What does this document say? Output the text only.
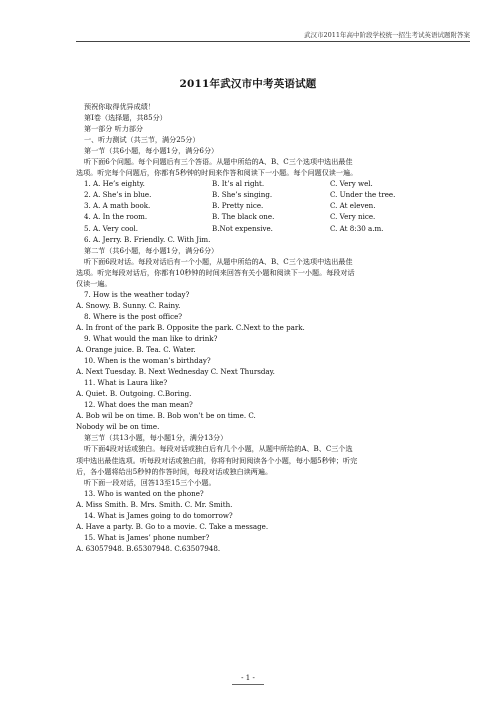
武汉市2011年高中阶段学校统一招生考试英语试题附答案
2011年武汉市中考英语试题
预祝你取得优异成绩！
第Ⅰ卷（选择题，共85分）
第一部分 听力部分
一、听力测试（共三节，满分25分）
第一节（共6小题，每小题1分，满分6分）
听下面6个问题。每个问题后有三个答语。从题中所给的A、B、C三个选项中选出最佳
选项。听完每个问题后，你都有5秒钟的时间来作答和阅读下一小题。每个问题仅读一遍。
1. A. He’s eighty.	B. It’s al right.	C. Very wel.
2. A. She’s in blue.	B. She’s singing.	C. Under the tree.
3. A. A math book.	B. Pretty nice.	C. At eleven.
4. A. In the room.	B. The black one.	C. Very nice.
5. A. Very cool.	B.Not expensive.	C. At 8:30 a.m.
6. A. Jerry. B. Friendly. C. With Jim.
第二节（共6小题，每小题1分，满分6分）
听下面6段对话。每段对话后有一个小题，从题中所给的A、B、C三个选项中选出最佳
选项。听完每段对话后，你都有10秒钟的时间来回答有关小题和阅读下一小题。每段对话
仅读一遍。
7. How is the weather today?
A. Snowy. B. Sunny. C. Rainy.
8. Where is the post office?
A. In front of the park B. Opposite the park. C.Next to the park.
9. What would the man like to drink?
A. Orange juice. B. Tea. C. Water.
10. When is the woman’s birthday?
A. Next Tuesday. B. Next Wednesday C. Next Thursday.
11. What is Laura like?
A. Quiet. B. Outgoing. C.Boring.
12. What does the man mean?
A. Bob wil be on time. B. Bob won’t be on time. C.
Nobody wil be on time.
第三节（共13小题，每小题1分，满分13分）
听下面4段对话或独白。每段对话或独白后有几个小题，从题中所给的A、B、C三个选
项中选出最佳选项。听每段对话或独白前，你将有时间阅读各个小题，每小题5秒钟；听完
后，各小题将给出5秒钟的作答时间，每段对话或独白读两遍。
听下面一段对话，回答13至15三个小题。
13. Who is wanted on the phone?
A. Miss Smith. B. Mrs. Smith. C. Mr. Smith.
14. What is James going to do tomorrow?
A. Have a party. B. Go to a movie. C. Take a message.
15. What is James’ phone number?
A. 63057948. B.65307948. C.63507948.
- 1 -
